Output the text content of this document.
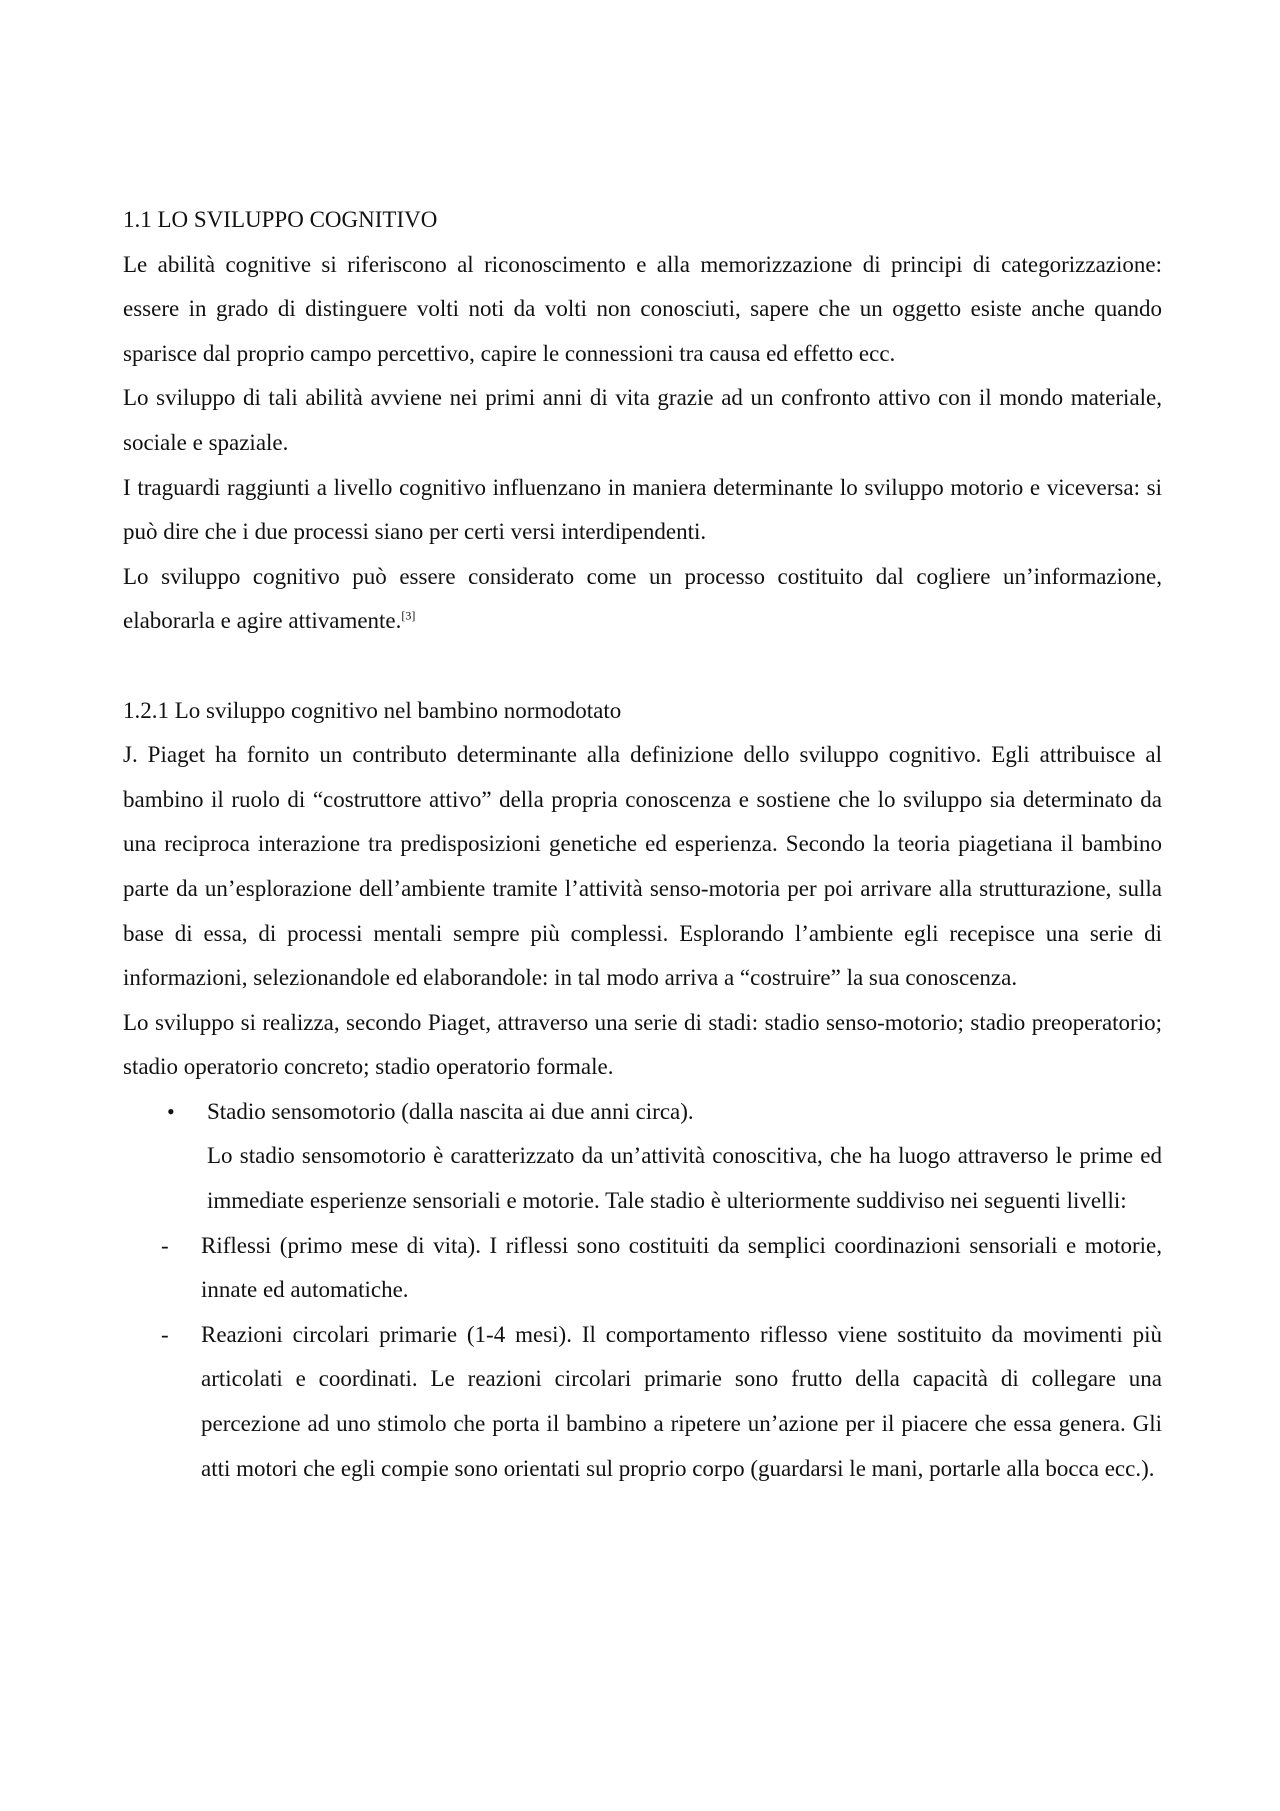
1.1 LO SVILUPPO COGNITIVO

Le abilità cognitive si riferiscono al riconoscimento e alla memorizzazione di principi di categorizzazione: essere in grado di distinguere volti noti da volti non conosciuti, sapere che un oggetto esiste anche quando sparisce dal proprio campo percettivo, capire le connessioni tra causa ed effetto ecc.

Lo sviluppo di tali abilità avviene nei primi anni di vita grazie ad un confronto attivo con il mondo materiale, sociale e spaziale.

I traguardi raggiunti a livello cognitivo influenzano in maniera determinante lo sviluppo motorio e viceversa: si può dire che i due processi siano per certi versi interdipendenti.

Lo sviluppo cognitivo può essere considerato come un processo costituito dal cogliere un’informazione, elaborarla e agire attivamente.[3]

1.2.1 Lo sviluppo cognitivo nel bambino normodotato

J. Piaget ha fornito un contributo determinante alla definizione dello sviluppo cognitivo. Egli attribuisce al bambino il ruolo di “costruttore attivo” della propria conoscenza e sostiene che lo sviluppo sia determinato da una reciproca interazione tra predisposizioni genetiche ed esperienza. Secondo la teoria piagetiana il bambino parte da un’esplorazione dell’ambiente tramite l’attività senso-motoria per poi arrivare alla strutturazione, sulla base di essa, di processi mentali sempre più complessi. Esplorando l’ambiente egli recepisce una serie di informazioni, selezionandole ed elaborandole: in tal modo arriva a “costruire” la sua conoscenza.

Lo sviluppo si realizza, secondo Piaget, attraverso una serie di stadi: stadio senso-motorio; stadio preoperatorio; stadio operatorio concreto; stadio operatorio formale.

• Stadio sensomotorio (dalla nascita ai due anni circa).

Lo stadio sensomotorio è caratterizzato da un’attività conoscitiva, che ha luogo attraverso le prime ed immediate esperienze sensoriali e motorie. Tale stadio è ulteriormente suddiviso nei seguenti livelli:

- Riflessi (primo mese di vita). I riflessi sono costituiti da semplici coordinazioni sensoriali e motorie, innate ed automatiche.

- Reazioni circolari primarie (1-4 mesi). Il comportamento riflesso viene sostituito da movimenti più articolati e coordinati. Le reazioni circolari primarie sono frutto della capacità di collegare una percezione ad uno stimolo che porta il bambino a ripetere un’azione per il piacere che essa genera. Gli atti motori che egli compie sono orientati sul proprio corpo (guardarsi le mani, portarle alla bocca ecc.).
